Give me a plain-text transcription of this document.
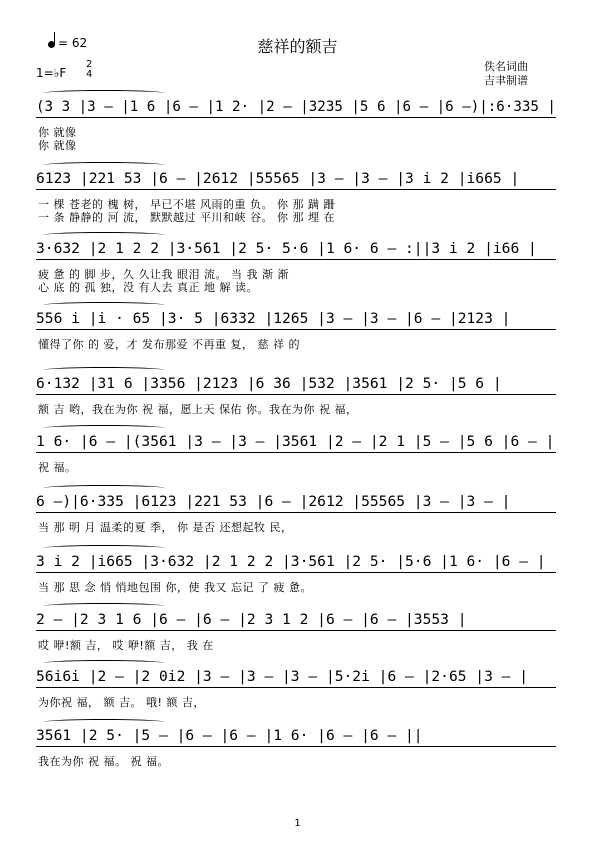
= 62	慈祥的额吉
1=♭F
2
4
佚名词曲
吉聿制谱
(3 3 |3 — |1 6 |6 — |1 2· |2 — |3235 |5 6 |6 — |6 —)|:6·335 |
你 就像
你 就像
6123 |221 53 |6 — |2612 |55565 |3 — |3 — |3 i 2 |i665 |
一 棵 苍老的 槐 树， 早已不堪 风雨的重 负。 你 那 蹒 跚
一 条 静静的 河 流， 默默越过 平川和峡 谷。 你 那 埋 在
3·632 |2 1 2 2 |3·561 |2 5· 5·6 |1 6· 6 — :||3 i 2 |i66 |
疲 惫 的 脚 步，久 久让我 眼泪 流。 当 我 渐 渐
心 底 的 孤 独，没 有人去 真正 地 解 读。
556 i |i · 65 |3· 5 |6332 |1265 |3 — |3 — |6 — |2123 |
懂得了你 的 爱，才 发布那爱 不再重 复， 慈 祥 的
6·132 |31 6 |3356 |2123 |6 36 |532 |3561 |2 5· |5 6 |
额 吉 哟，我在为你 祝 福，愿上天 保佑 你。我在为你 祝 福，
1 6· |6 — |(3561 |3 — |3 — |3561 |2 — |2 1 |5 — |5 6 |6 — |
祝 福。
6 —)|6·335 |6123 |221 53 |6 — |2612 |55565 |3 — |3 — |
当 那 明 月 温柔的夏 季， 你 是否 还想起牧 民，
3 i 2 |i665 |3·632 |2 1 2 2 |3·561 |2 5· |5·6 |1 6· |6 — |
当 那 思 念 悄 悄地包围 你，使 我又 忘记 了 疲 惫。
2 — |2 3 1 6 |6 — |6 — |2 3 1 2 |6 — |6 — |3553 |
哎 咿!额 吉， 哎 咿!额 吉， 我 在
56i6i |2 — |2 0i2 |3 — |3 — |3 — |5·2i |6 — |2·65 |3 — |
为你祝 福， 额 吉。 哦! 额 吉，
3561 |2 5· |5 — |6 — |6 — |1 6· |6 — |6 — ||
我在为你 祝 福。 祝 福。
1
